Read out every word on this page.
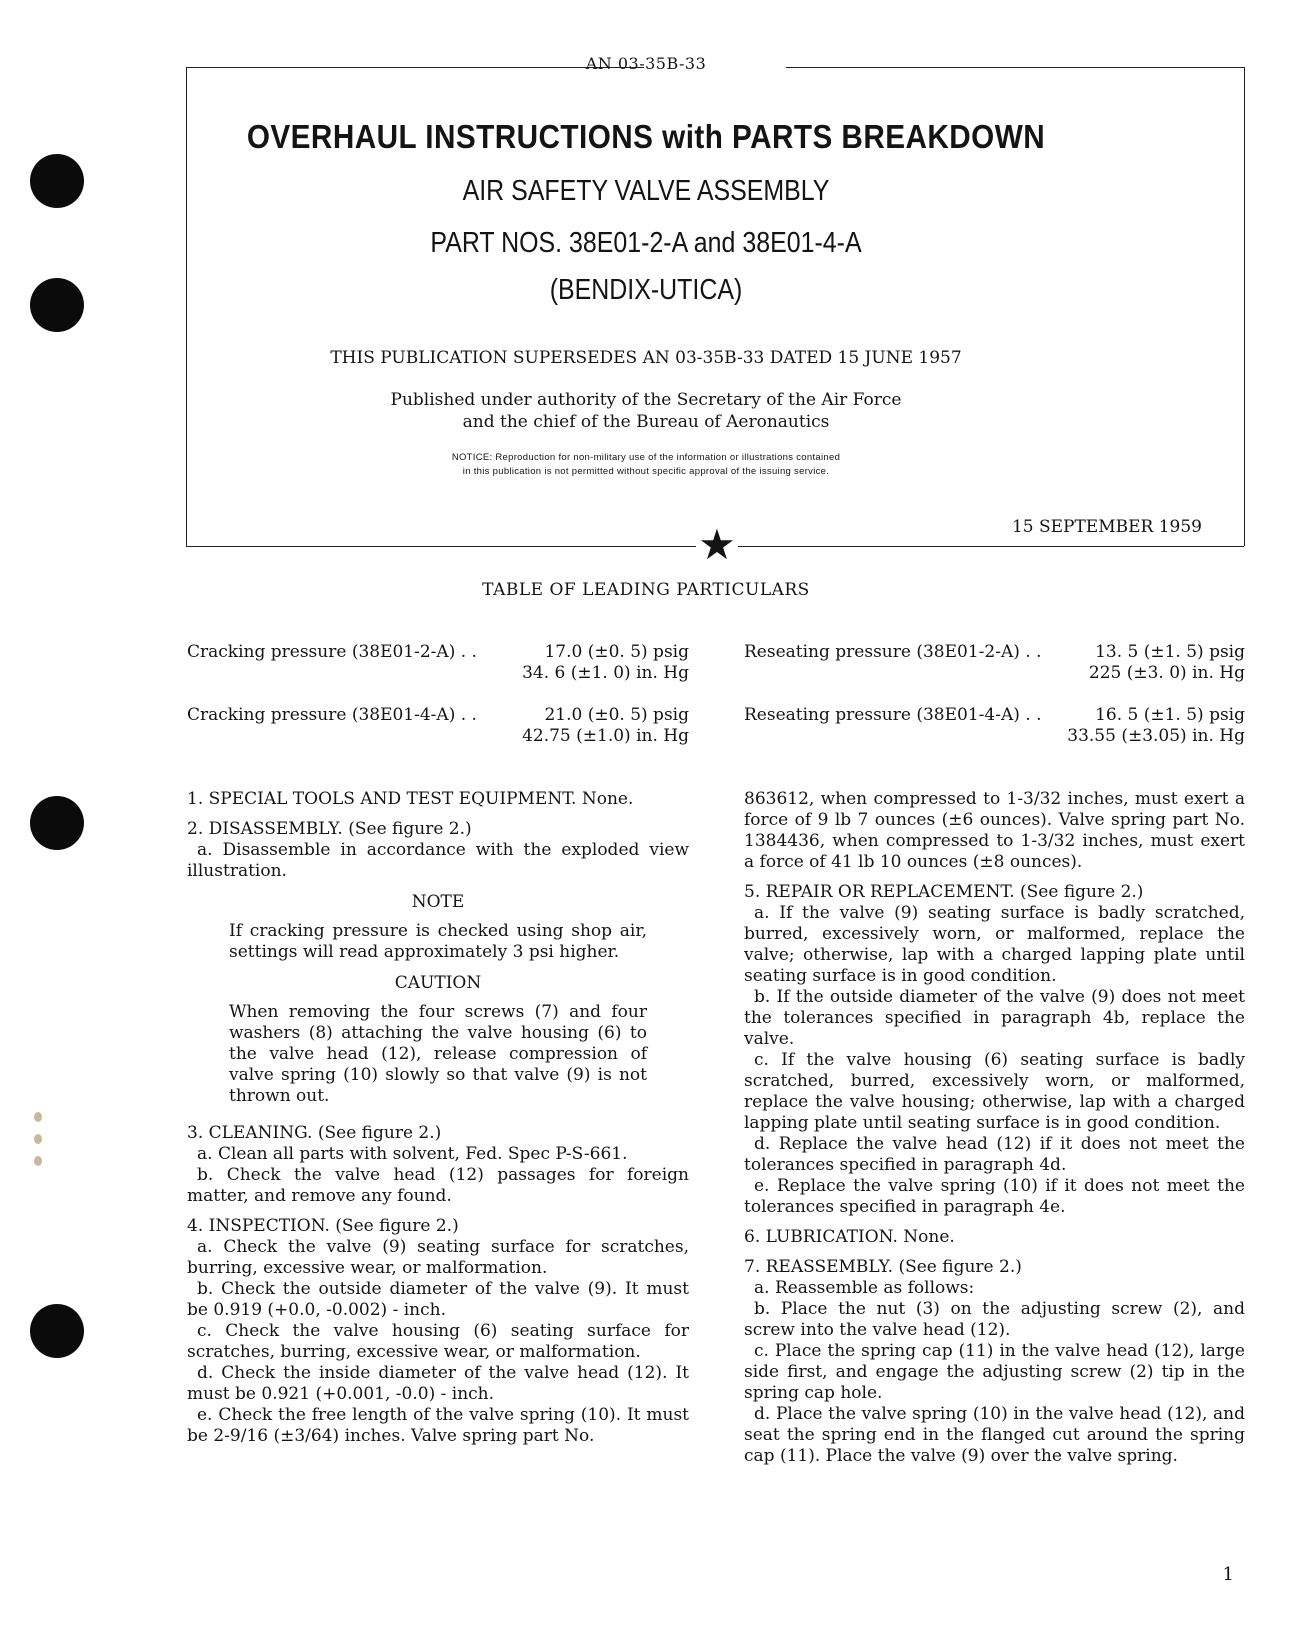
★
AN 03-35B-33
OVERHAUL INSTRUCTIONS with PARTS BREAKDOWN
AIR SAFETY VALVE ASSEMBLY
PART NOS. 38E01-2-A and 38E01-4-A
(BENDIX-UTICA)
THIS PUBLICATION SUPERSEDES AN 03-35B-33 DATED 15 JUNE 1957
Published under authority of the Secretary of the Air Force
and the chief of the Bureau of Aeronautics
NOTICE: Reproduction for non-military use of the information or illustrations contained
in this publication is not permitted without specific approval of the issuing service.
15 SEPTEMBER 1959
TABLE OF LEADING PARTICULARS
Cracking pressure (38E01-2-A) . .	17.0 (±0. 5) psig
34. 6 (±1. 0) in. Hg
Cracking pressure (38E01-4-A) . .	21.0 (±0. 5) psig
42.75 (±1.0) in. Hg
Reseating pressure (38E01-2-A) . .	13. 5 (±1. 5) psig
225 (±3. 0) in. Hg
Reseating pressure (38E01-4-A) . .	16. 5 (±1. 5) psig
33.55 (±3.05) in. Hg

1. SPECIAL TOOLS AND TEST EQUIPMENT. None.

2. DISASSEMBLY. (See figure 2.)

a. Disassemble in accordance with the exploded view illustration.

NOTE

If cracking pressure is checked using shop air, settings will read approximately 3 psi higher.

CAUTION

When removing the four screws (7) and four washers (8) attaching the valve housing (6) to the valve head (12), release compression of valve spring (10) slowly so that valve (9) is not thrown out.

3. CLEANING. (See figure 2.)

a. Clean all parts with solvent, Fed. Spec P-S-661.

b. Check the valve head (12) passages for foreign matter, and remove any found.

4. INSPECTION. (See figure 2.)

a. Check the valve (9) seating surface for scratches, burring, excessive wear, or malformation.

b. Check the outside diameter of the valve (9). It must be 0.919 (+0.0, -0.002) - inch.

c. Check the valve housing (6) seating surface for scratches, burring, excessive wear, or malformation.

d. Check the inside diameter of the valve head (12). It must be 0.921 (+0.001, -0.0) - inch.

e. Check the free length of the valve spring (10). It must be 2-9/16 (±3/64) inches. Valve spring part No.

863612, when compressed to 1-3/32 inches, must exert a force of 9 lb 7 ounces (±6 ounces). Valve spring part No. 1384436, when compressed to 1-3/32 inches, must exert a force of 41 lb 10 ounces (±8 ounces).

5. REPAIR OR REPLACEMENT. (See figure 2.)

a. If the valve (9) seating surface is badly scratched, burred, excessively worn, or malformed, replace the valve; otherwise, lap with a charged lapping plate until seating surface is in good condition.

b. If the outside diameter of the valve (9) does not meet the tolerances specified in paragraph 4b, replace the valve.

c. If the valve housing (6) seating surface is badly scratched, burred, excessively worn, or malformed, replace the valve housing; otherwise, lap with a charged lapping plate until seating surface is in good condition.

d. Replace the valve head (12) if it does not meet the tolerances specified in paragraph 4d.

e. Replace the valve spring (10) if it does not meet the tolerances specified in paragraph 4e.

6. LUBRICATION. None.

7. REASSEMBLY. (See figure 2.)

a. Reassemble as follows:

b. Place the nut (3) on the adjusting screw (2), and screw into the valve head (12).

c. Place the spring cap (11) in the valve head (12), large side first, and engage the adjusting screw (2) tip in the spring cap hole.

d. Place the valve spring (10) in the valve head (12), and seat the spring end in the flanged cut around the spring cap (11). Place the valve (9) over the valve spring.

1
